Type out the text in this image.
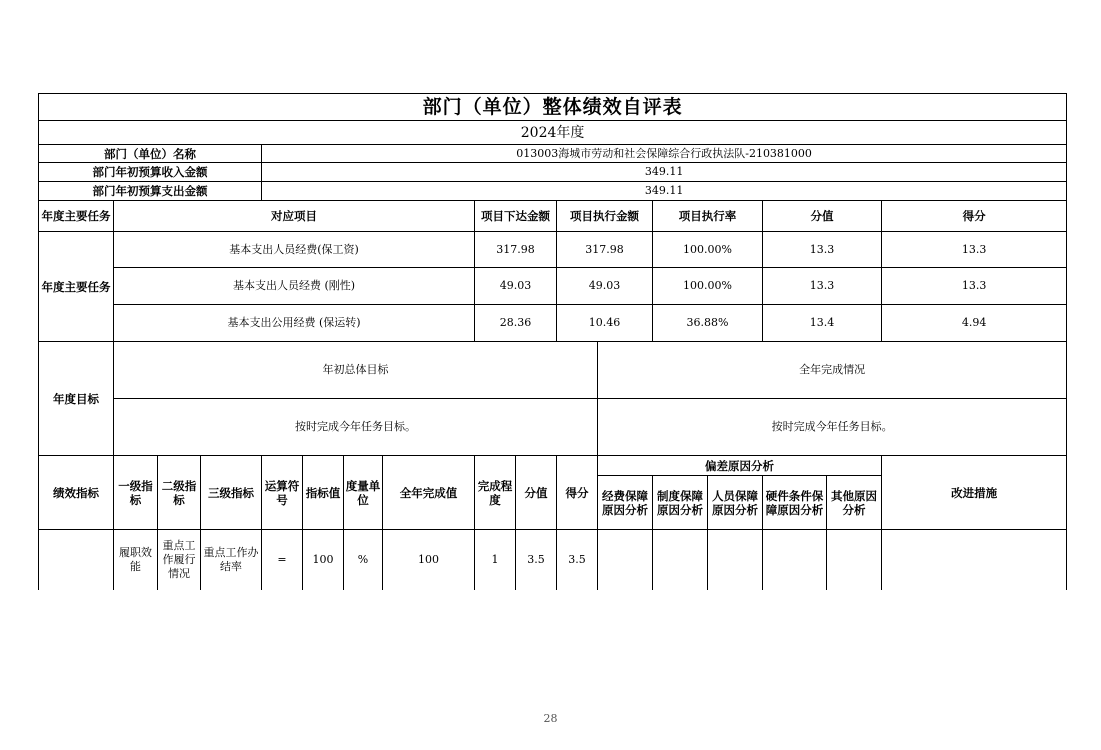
部门（单位）整体绩效自评表																
2024年度																
部门（单位）名称				013003海城市劳动和社会保障综合行政执法队-210381000												
部门年初预算收入金额				349.11												
部门年初预算支出金额				349.11												
年度主要任务	对应项目							项目下达金额		项目执行金额		项目执行率		分值		得分
年度主要任务	基本支出人员经费(保工资)							317.98		317.98		100.00%		13.3		13.3
	基本支出人员经费 (刚性)							49.03		49.03		100.00%		13.3		13.3
	基本支出公用经费 (保运转)							28.36		10.46		36.88%		13.4		4.94
年度目标	年初总体目标										全年完成情况					
	按时完成今年任务目标。										按时完成今年任务目标。					
绩效指标	一级指标	二级指标	三级指标	运算符号	指标值	度量单位	全年完成值	完成程度	分值	得分	偏差原因分析					改进措施
											经费保障原因分析	制度保障原因分析	人员保障原因分析	硬件条件保障原因分析	其他原因分析	
	履职效能	重点工作履行情况	重点工作办结率	=	100	%	100	1	3.5	3.5						
28
